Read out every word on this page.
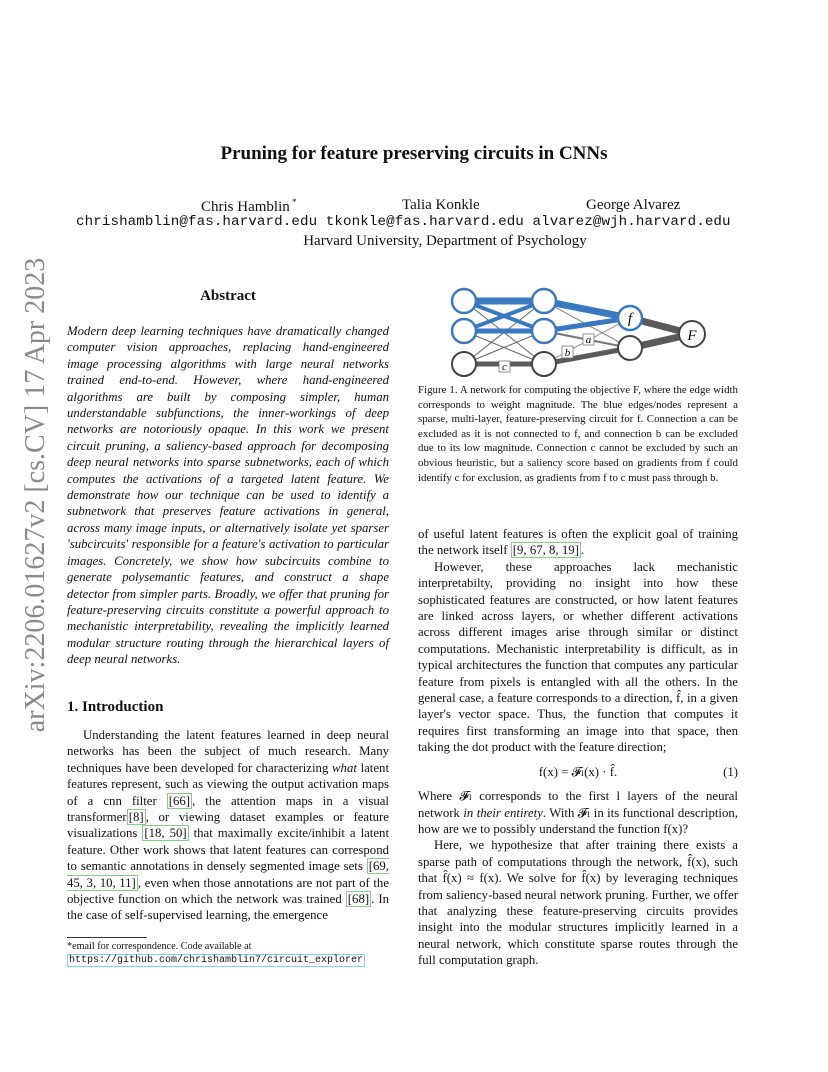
arXiv:2206.01627v2 [cs.CV] 17 Apr 2023
Pruning for feature preserving circuits in CNNs
Chris Hamblin *	Talia Konkle	George Alvarez
chrishamblin@fas.harvard.edu tkonkle@fas.harvard.edu alvarez@wjh.harvard.edu
Harvard University, Department of Psychology
Abstract
Modern deep learning techniques have dramatically changed computer vision approaches, replacing hand-engineered image processing algorithms with large neural networks trained end-to-end. However, where hand-engineered algorithms are built by composing simpler, human understandable subfunctions, the inner-workings of deep networks are notoriously opaque. In this work we present circuit pruning, a saliency-based approach for decomposing deep neural networks into sparse subnetworks, each of which computes the activations of a targeted latent feature. We demonstrate how our technique can be used to identify a subnetwork that preserves feature activations in general, across many image inputs, or alternatively isolate yet sparser 'subcircuits' responsible for a feature's activation to particular images. Concretely, we show how subcircuits combine to generate polysemantic features, and construct a shape detector from simpler parts. Broadly, we offer that pruning for feature-preserving circuits constitute a powerful approach to mechanistic interpretability, revealing the implicitly learned modular structure routing through the hierarchical layers of deep neural networks.
1. Introduction

Understanding the latent features learned in deep neural networks has been the subject of much research. Many techniques have been developed for characterizing what latent features represent, such as viewing the output activation maps of a cnn filter [66] , the attention maps in a visual transformer [8] , or viewing dataset examples or feature visualizations [18, 50] that maximally excite/inhibit a latent feature. Other work shows that latent features can correspond to semantic annotations in densely segmented image sets [69, 45, 3, 10, 11] , even when those annotations are not part of the objective function on which the network was trained [68] . In the case of self-supervised learning, the emergence

*email for correspondence. Code available at https://github.com/chrishamblin7/circuit_explorer
f
F
a
b
c
Figure 1. A network for computing the objective F, where the edge width corresponds to weight magnitude. The blue edges/nodes represent a sparse, multi-layer, feature-preserving circuit for f. Connection a can be excluded as it is not connected to f, and connection b can be excluded due to its low magnitude. Connection c cannot be excluded by such an obvious heuristic, but a saliency score based on gradients from f could identify c for exclusion, as gradients from f to c must pass through b.

of useful latent features is often the explicit goal of training the network itself [9, 67, 8, 19] .

However, these approaches lack mechanistic interpretabilty, providing no insight into how these sophisticated features are constructed, or how latent features are linked across layers, or whether different activations across different images arise through similar or distinct computations. Mechanistic interpretability is difficult, as in typical architectures the function that computes any particular feature from pixels is entangled with all the others. In the general case, a feature corresponds to a direction, f̂, in a given layer's vector space. Thus, the function that computes it requires first transforming an image into that space, then taking the dot product with the feature direction;

f(x) = 𝓕ₗ(x) · f̂.	(1)

Where 𝓕ₗ corresponds to the first l layers of the neural network in their entirety. With 𝓕ₗ in its functional description, how are we to possibly understand the function f(x)?

Here, we hypothesize that after training there exists a sparse path of computations through the network, f̂(x), such that f̂(x) ≈ f(x). We solve for f̂(x) by leveraging techniques from saliency-based neural network pruning. Further, we offer that analyzing these feature-preserving circuits provides insight into the modular structures implicitly learned in a neural network, which constitute sparse routes through the full computation graph.
